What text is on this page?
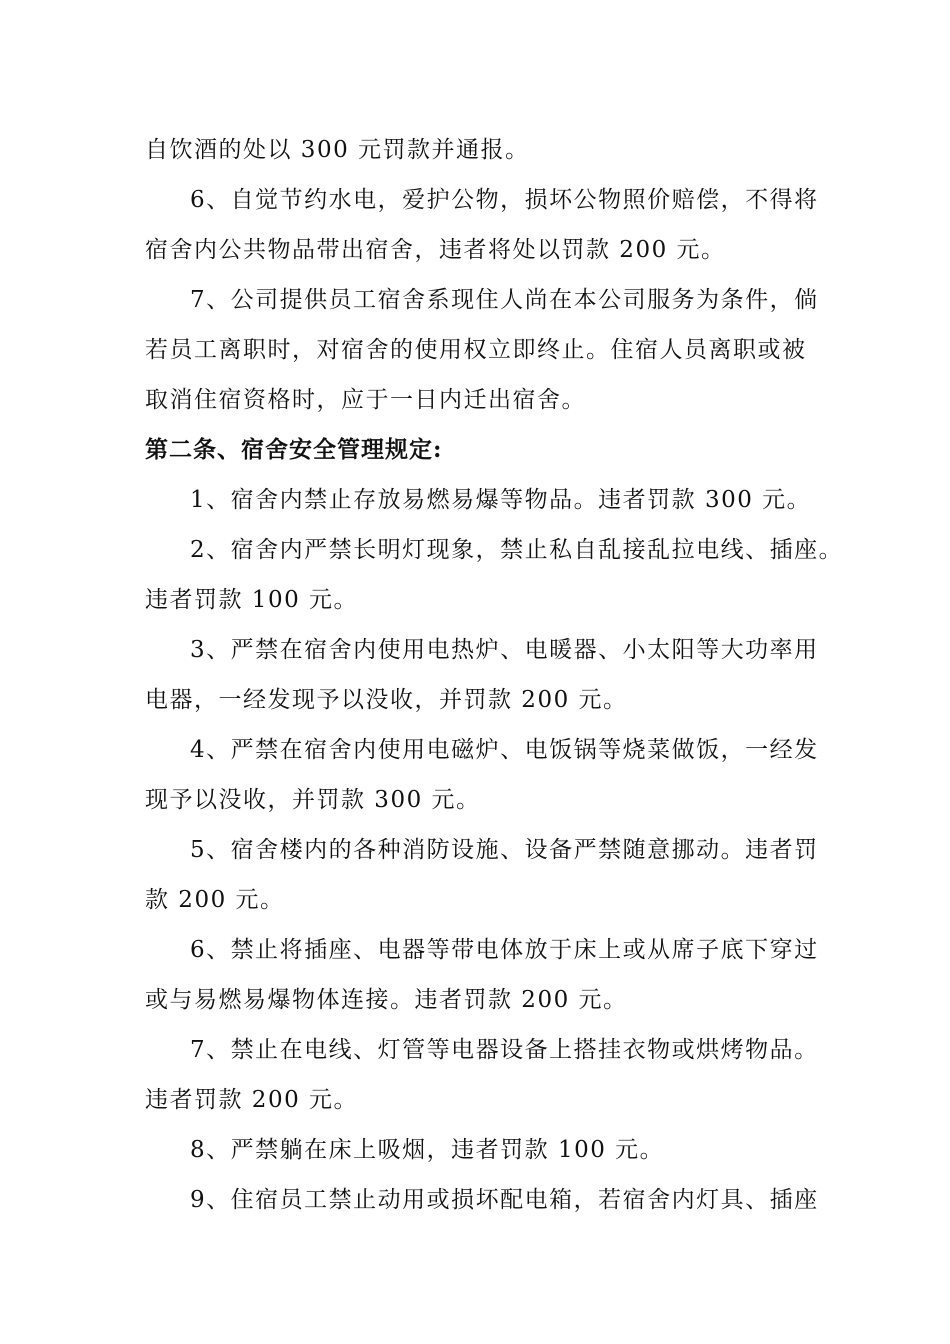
自饮酒的处以 300 元罚款并通报。
6、自觉节约水电，爱护公物，损坏公物照价赔偿，不得将
宿舍内公共物品带出宿舍，违者将处以罚款 200 元。
7、公司提供员工宿舍系现住人尚在本公司服务为条件，倘
若员工离职时，对宿舍的使用权立即终止。住宿人员离职或被
取消住宿资格时，应于一日内迁出宿舍。
第二条、宿舍安全管理规定:
1、宿舍内禁止存放易燃易爆等物品。违者罚款 300 元。
2、宿舍内严禁长明灯现象，禁止私自乱接乱拉电线、插座。
违者罚款 100 元。
3、严禁在宿舍内使用电热炉、电暖器、小太阳等大功率用
电器，一经发现予以没收，并罚款 200 元。
4、严禁在宿舍内使用电磁炉、电饭锅等烧菜做饭，一经发
现予以没收，并罚款 300 元。
5、宿舍楼内的各种消防设施、设备严禁随意挪动。违者罚
款 200 元。
6、禁止将插座、电器等带电体放于床上或从席子底下穿过
或与易燃易爆物体连接。违者罚款 200 元。
7、禁止在电线、灯管等电器设备上搭挂衣物或烘烤物品。
违者罚款 200 元。
8、严禁躺在床上吸烟，违者罚款 100 元。
9、住宿员工禁止动用或损坏配电箱，若宿舍内灯具、插座
